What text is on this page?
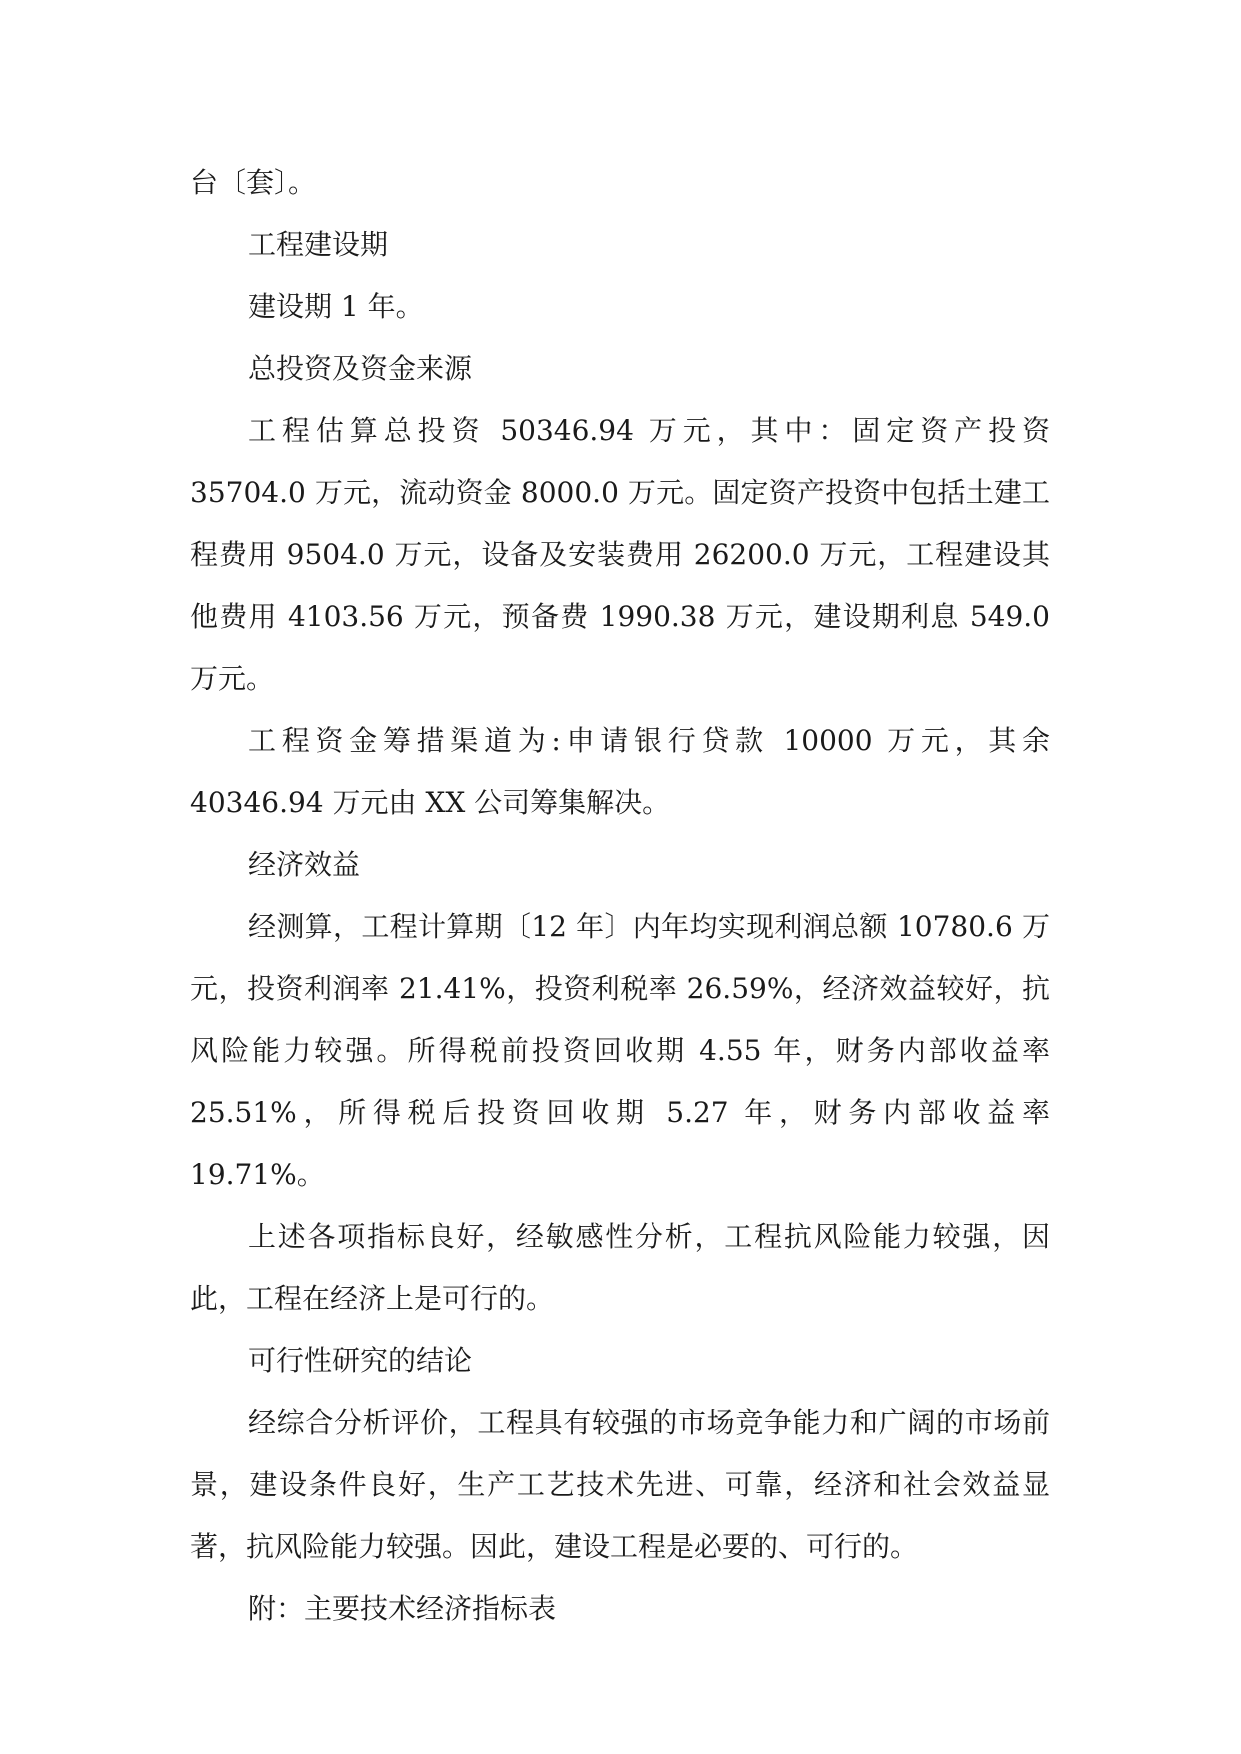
台〔套〕。

工程建设期

建设期 1 年。

总投资及资金来源

工程估算总投资 50346.94 万元，其中：固定资产投资 35704.0 万元，流动资金 8000.0 万元。固定资产投资中包括土建工程费用 9504.0 万元，设备及安装费用 26200.0 万元，工程建设其他费用 4103.56 万元，预备费 1990.38 万元，建设期利息 549.0 万元。

工程资金筹措渠道为:申请银行贷款 10000 万元，其余 40346.94 万元由 XX 公司筹集解决。

经济效益

经测算，工程计算期〔12 年〕内年均实现利润总额 10780.6 万元，投资利润率 21.41%，投资利税率 26.59%，经济效益较好，抗风险能力较强。所得税前投资回收期 4.55 年，财务内部收益率 25.51%，所得税后投资回收期 5.27 年，财务内部收益率 19.71%。

上述各项指标良好，经敏感性分析，工程抗风险能力较强，因此，工程在经济上是可行的。

可行性研究的结论

经综合分析评价，工程具有较强的市场竞争能力和广阔的市场前景，建设条件良好，生产工艺技术先进、可靠，经济和社会效益显著，抗风险能力较强。因此，建设工程是必要的、可行的。

附：主要技术经济指标表
